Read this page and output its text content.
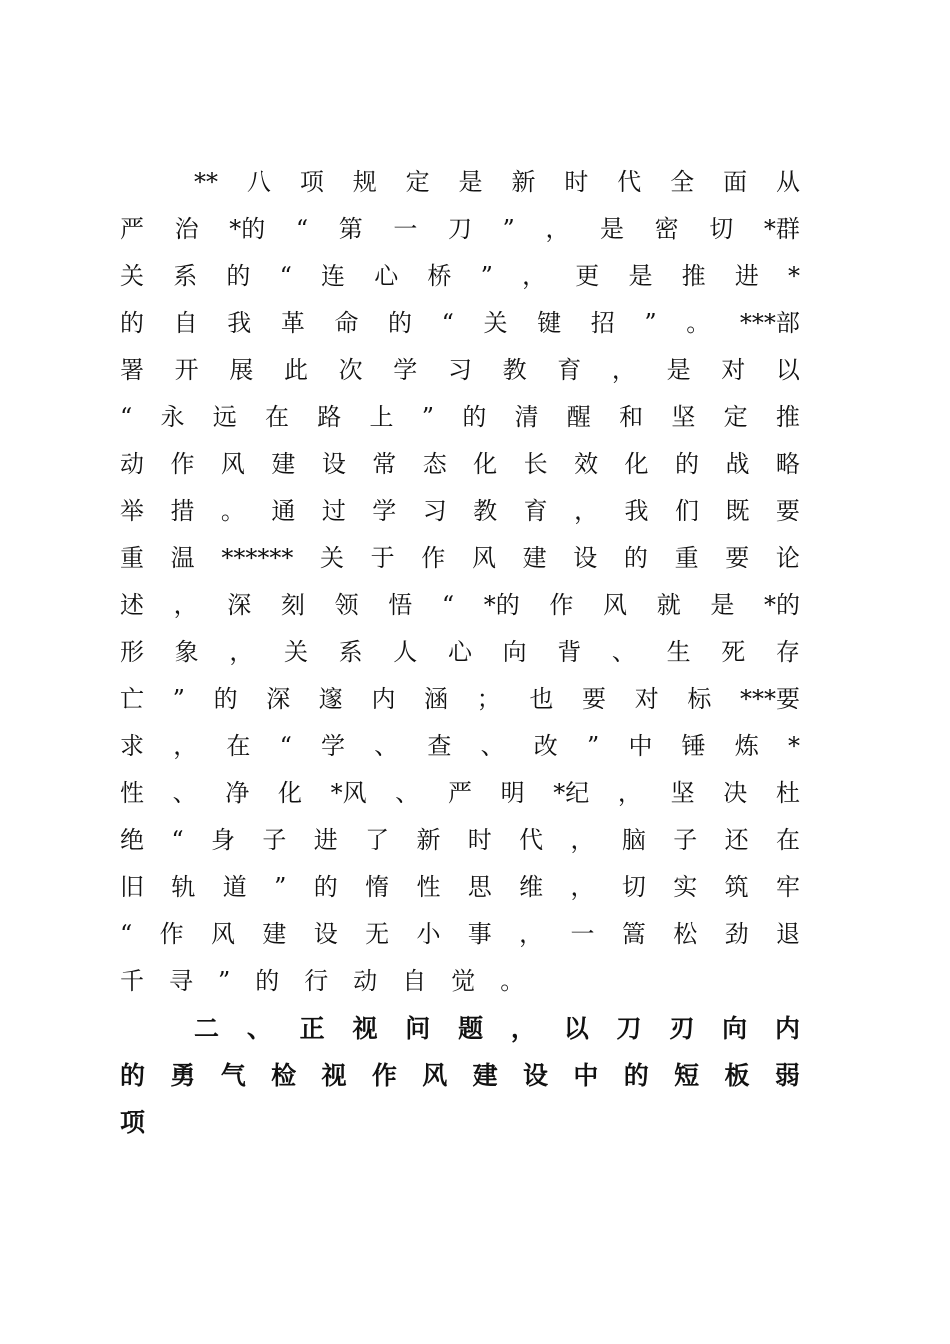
** 八 项 规 定 是 新 时 代 全 面 从
严 治 *的 “ 第 一 刀 ” ， 是 密 切 *群
关 系 的 “ 连 心 桥 ” ， 更 是 推 进 *
的 自 我 革 命 的 “ 关 键 招 ” 。 ***部
署 开 展 此 次 学 习 教 育 ， 是 对 以
“ 永 远 在 路 上 ” 的 清 醒 和 坚 定 推
动 作 风 建 设 常 态 化 长 效 化 的 战 略
举 措 。 通 过 学 习 教 育 ， 我 们 既 要
重 温 ****** 关 于 作 风 建 设 的 重 要 论
述 ， 深 刻 领 悟 “ *的 作 风 就 是 *的
形 象 ， 关 系 人 心 向 背 、 生 死 存
亡 ” 的 深 邃 内 涵 ； 也 要 对 标 ***要
求 ， 在 “ 学 、 查 、 改 ” 中 锤 炼 *
性 、 净 化 *风 、 严 明 *纪 ， 坚 决 杜
绝 “ 身 子 进 了 新 时 代 ， 脑 子 还 在
旧 轨 道 ” 的 惰 性 思 维 ， 切 实 筑 牢
“ 作 风 建 设 无 小 事 ， 一 篙 松 劲 退
千 寻 ” 的 行 动 自 觉 。
二 、 正 视 问 题 ， 以 刀 刃 向 内
的 勇 气 检 视 作 风 建 设 中 的 短 板 弱
项
